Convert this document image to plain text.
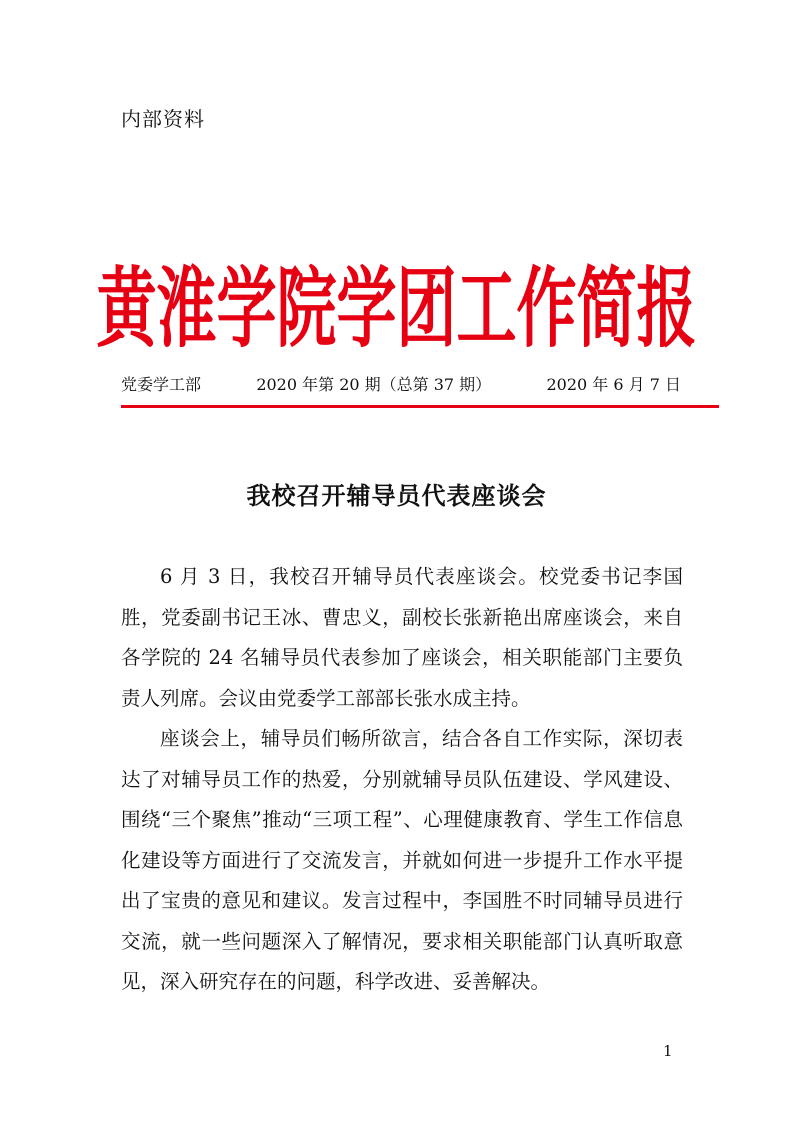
内部资料
黄淮学院学团工作简报
党委学工部	2020 年第 20 期（总第 37 期）	2020 年 6 月 7 日
我校召开辅导员代表座谈会

6 月 3 日，我校召开辅导员代表座谈会。校党委书记李国胜，党委副书记王冰、曹忠义，副校长张新艳出席座谈会，来自各学院的 24 名辅导员代表参加了座谈会，相关职能部门主要负责人列席。会议由党委学工部部长张水成主持。

座谈会上，辅导员们畅所欲言，结合各自工作实际，深切表达了对辅导员工作的热爱，分别就辅导员队伍建设、学风建设、围绕“三个聚焦”推动“三项工程”、心理健康教育、学生工作信息化建设等方面进行了交流发言，并就如何进一步提升工作水平提出了宝贵的意见和建议。发言过程中，李国胜不时同辅导员进行交流，就一些问题深入了解情况，要求相关职能部门认真听取意见，深入研究存在的问题，科学改进、妥善解决。

1
